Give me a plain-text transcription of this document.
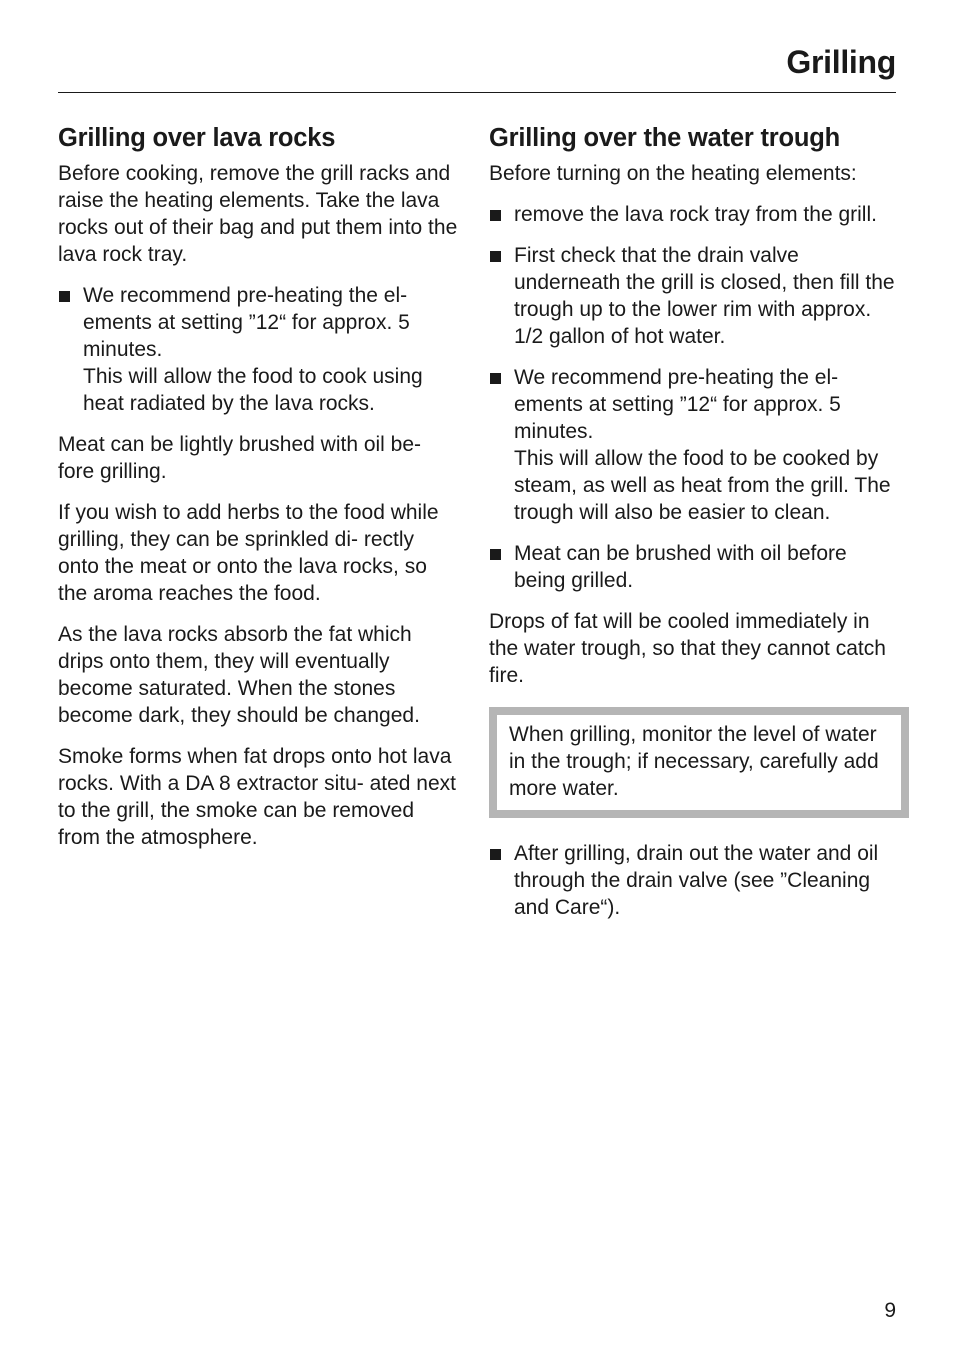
Grilling
Grilling over lava rocks

Before cooking, remove the grill racks and raise the heating elements. Take the lava rocks out of their bag and put them into the lava rock tray.

We recommend pre-heating the el- ements at setting ”12“ for approx. 5 minutes.
This will allow the food to cook using heat radiated by the lava rocks.

Meat can be lightly brushed with oil be- fore grilling.

If you wish to add herbs to the food while grilling, they can be sprinkled di- rectly onto the meat or onto the lava rocks, so the aroma reaches the food.

As the lava rocks absorb the fat which drips onto them, they will eventually become saturated. When the stones become dark, they should be changed.

Smoke forms when fat drops onto hot lava rocks. With a DA 8 extractor situ- ated next to the grill, the smoke can be removed from the atmosphere.

Grilling over the water trough

Before turning on the heating elements:

remove the lava rock tray from the grill.
First check that the drain valve underneath the grill is closed, then fill the trough up to the lower rim with approx. 1/2 gallon of hot water.
We recommend pre-heating the el- ements at setting ”12“ for approx. 5 minutes.
This will allow the food to be cooked by steam, as well as heat from the grill. The trough will also be easier to clean.
Meat can be brushed with oil before being grilled.

Drops of fat will be cooled immediately in the water trough, so that they cannot catch fire.

When grilling, monitor the level of water in the trough; if necessary, carefully add more water.
After grilling, drain out the water and oil through the drain valve (see ”Cleaning and Care“).
9
